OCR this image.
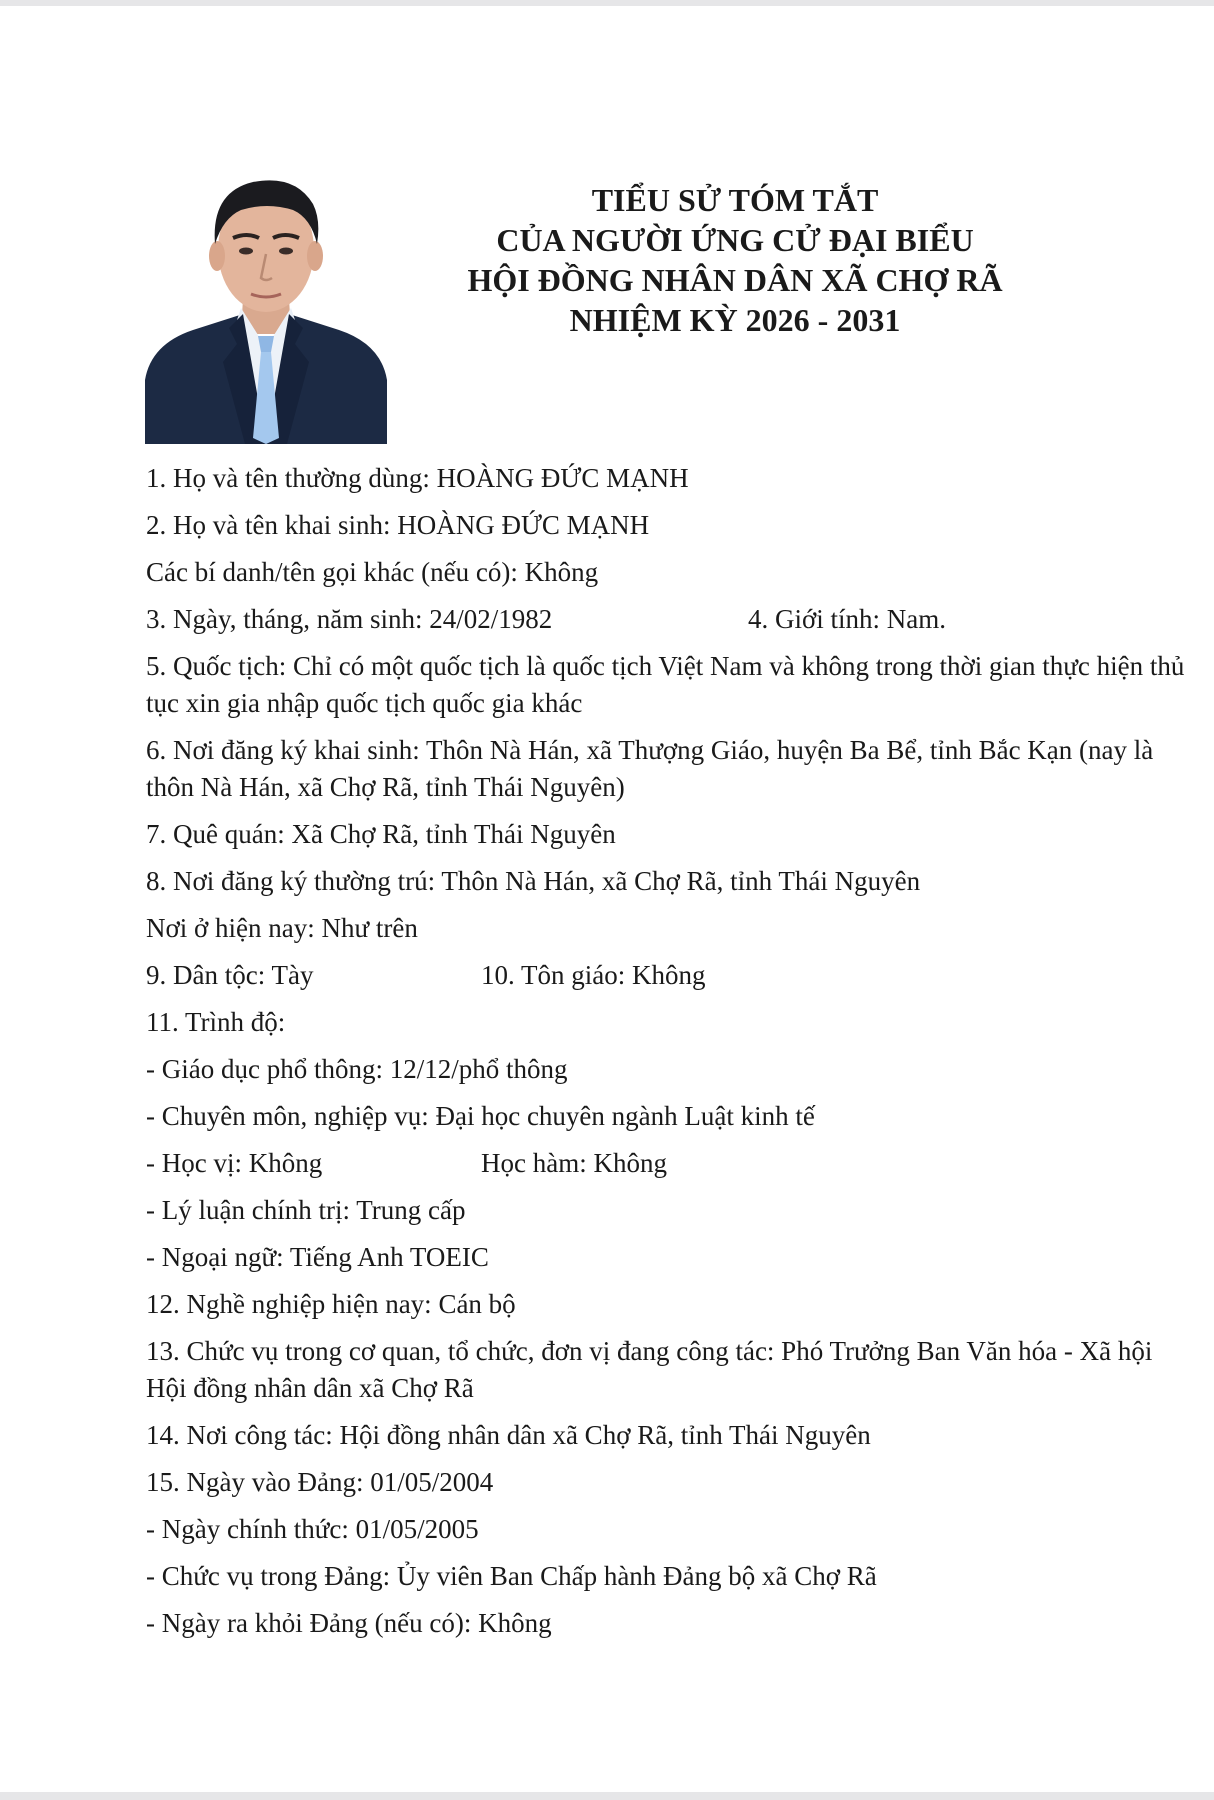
TIỂU SỬ TÓM TẮT
CỦA NGƯỜI ỨNG CỬ ĐẠI BIỂU
HỘI ĐỒNG NHÂN DÂN XÃ CHỢ RÃ
NHIỆM KỲ 2026 - 2031
1. Họ và tên thường dùng: HOÀNG ĐỨC MẠNH
2. Họ và tên khai sinh: HOÀNG ĐỨC MẠNH
Các bí danh/tên gọi khác (nếu có): Không
3. Ngày, tháng, năm sinh: 24/02/1982	4. Giới tính: Nam.
5. Quốc tịch: Chỉ có một quốc tịch là quốc tịch Việt Nam và không trong thời gian thực hiện thủ tục xin gia nhập quốc tịch quốc gia khác
6. Nơi đăng ký khai sinh: Thôn Nà Hán, xã Thượng Giáo, huyện Ba Bể, tỉnh Bắc Kạn (nay là thôn Nà Hán, xã Chợ Rã, tỉnh Thái Nguyên)
7. Quê quán: Xã Chợ Rã, tỉnh Thái Nguyên
8. Nơi đăng ký thường trú: Thôn Nà Hán, xã Chợ Rã, tỉnh Thái Nguyên
Nơi ở hiện nay: Như trên
9. Dân tộc: Tày	10. Tôn giáo: Không
11. Trình độ:
- Giáo dục phổ thông: 12/12/phổ thông
- Chuyên môn, nghiệp vụ: Đại học chuyên ngành Luật kinh tế
- Học vị: Không	Học hàm: Không
- Lý luận chính trị: Trung cấp
- Ngoại ngữ: Tiếng Anh TOEIC
12. Nghề nghiệp hiện nay: Cán bộ
13. Chức vụ trong cơ quan, tổ chức, đơn vị đang công tác: Phó Trưởng Ban Văn hóa - Xã hội Hội đồng nhân dân xã Chợ Rã
14. Nơi công tác: Hội đồng nhân dân xã Chợ Rã, tỉnh Thái Nguyên
15. Ngày vào Đảng: 01/05/2004
- Ngày chính thức: 01/05/2005
- Chức vụ trong Đảng: Ủy viên Ban Chấp hành Đảng bộ xã Chợ Rã
- Ngày ra khỏi Đảng (nếu có): Không
